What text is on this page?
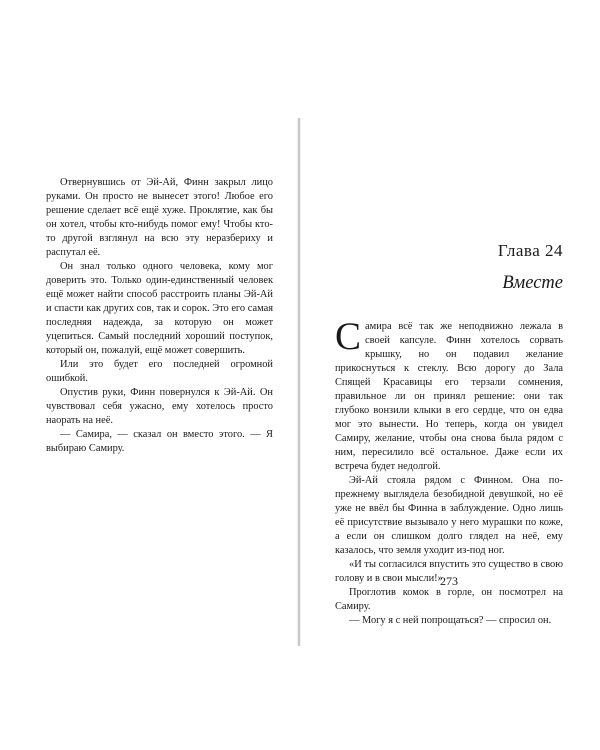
Отвернувшись от Эй-Ай, Финн закрыл лицо руками. Он просто не вынесет этого! Любое его решение сделает всё ещё хуже. Проклятие, как бы он хотел, чтобы кто-нибудь помог ему! Чтобы кто-то другой взглянул на всю эту неразбериху и распутал её.

Он знал только одного человека, кому мог доверить это. Только один-единственный человек ещё может найти способ расстроить планы Эй-Ай и спасти как других сов, так и сорок. Это его самая последняя надежда, за которую он может уцепиться. Самый последний хороший поступок, который он, пожалуй, ещё может совершить.

Или это будет его последней огромной ошибкой.

Опустив руки, Финн повернулся к Эй-Ай. Он чувствовал себя ужасно, ему хотелось просто наорать на неё.

— Самира, — сказал он вместо этого. — Я выбираю Самиру.

Глава 24
Вместе

Самира всё так же неподвижно лежала в своей капсуле. Финн хотелось сорвать крышку, но он подавил желание прикоснуться к стеклу. Всю дорогу до Зала Спящей Красавицы его терзали сомнения, правильное ли он принял решение: они так глубоко вонзили клыки в его сердце, что он едва мог это вынести. Но теперь, когда он увидел Самиру, желание, чтобы она снова была рядом с ним, пересилило всё остальное. Даже если их встреча будет недолгой.

Эй-Ай стояла рядом с Финном. Она по-прежнему выглядела безобидной девушкой, но её уже не ввёл бы Финна в заблуждение. Одно лишь её присутствие вызывало у него мурашки по коже, а если он слишком долго глядел на неё, ему казалось, что земля уходит из-под ног.

«И ты согласился впустить это существо в свою голову и в свои мысли!»

Проглотив комок в горле, он посмотрел на Самиру.

— Могу я с ней попрощаться? — спросил он.

273
